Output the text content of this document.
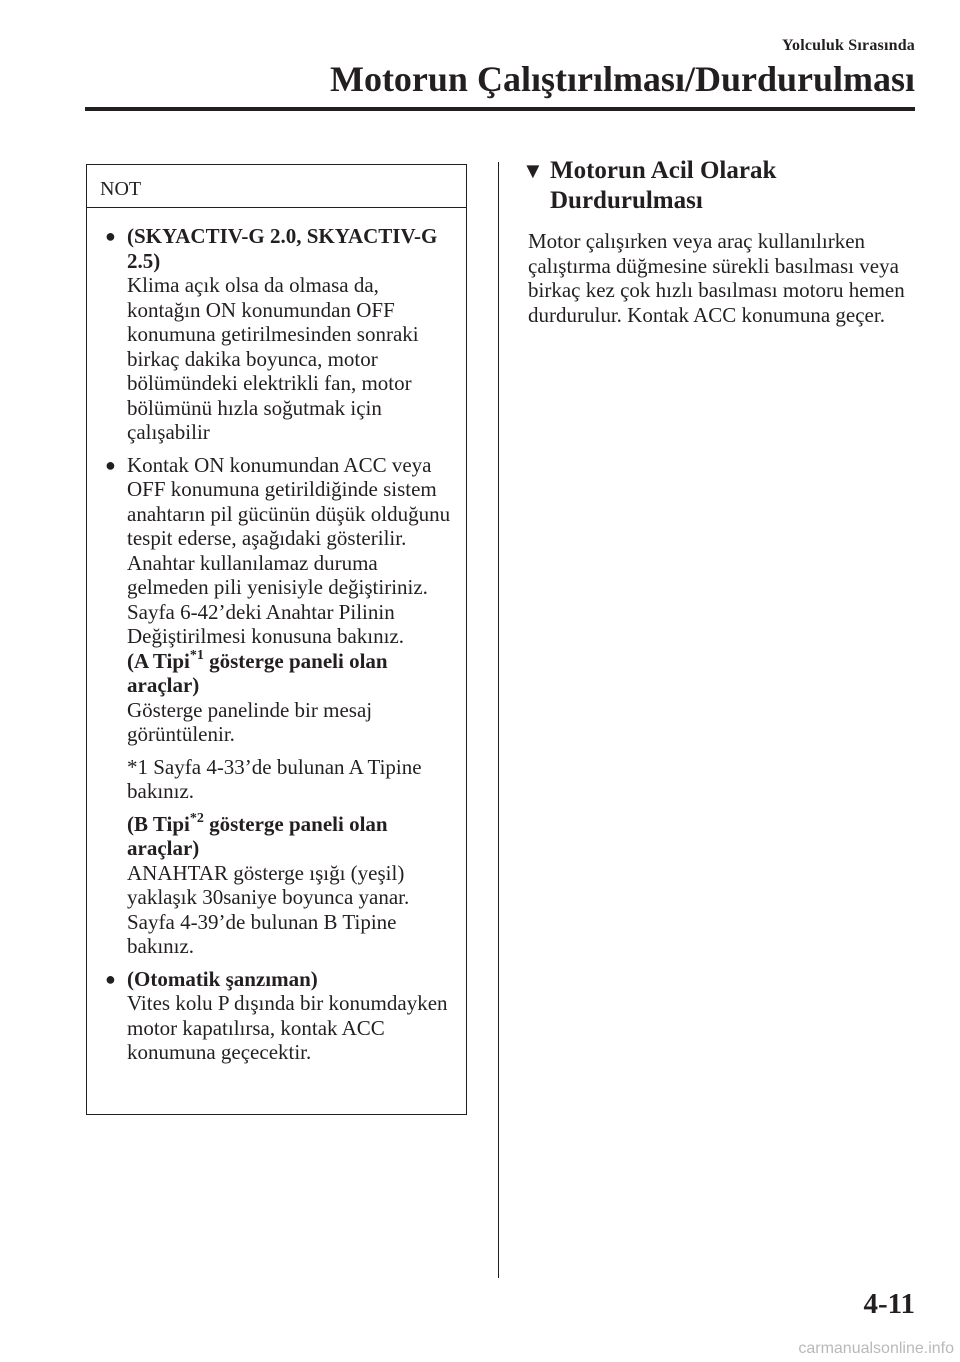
Yolculuk Sırasında
Motorun Çalıştırılması/Durdurulması
NOT
● (SKYACTIV-G 2.0, SKYACTIV-G 2.5)
Klima açık olsa da olmasa da, kontağın ON konumundan OFF konumuna getirilmesinden sonraki birkaç dakika boyunca, motor bölümündeki elektrikli fan, motor bölümünü hızla soğutmak için çalışabilir
● Kontak ON konumundan ACC veya OFF konumuna getirildiğinde sistem anahtarın pil gücünün düşük olduğunu tespit ederse, aşağıdaki gösterilir.
Anahtar kullanılamaz duruma gelmeden pili yenisiyle değiştiriniz. Sayfa 6-42’deki Anahtar Pilinin Değiştirilmesi konusuna bakınız.
(A Tipi$^{*1}$ gösterge paneli olan araçlar)
Gösterge panelinde bir mesaj görüntülenir.
*1 Sayfa 4-33’de bulunan A Tipine bakınız.
(B Tipi$^{*2}$ gösterge paneli olan araçlar)
ANAHTAR gösterge ışığı (yeşil) yaklaşık 30saniye boyunca yanar. Sayfa 4-39’de bulunan B Tipine bakınız.
● (Otomatik şanzıman)
Vites kolu P dışında bir konumdayken motor kapatılırsa, kontak ACC konumuna geçecektir.
▼ Motorun Acil Olarak Durdurulması
Motor çalışırken veya araç kullanılırken çalıştırma düğmesine sürekli basılması veya birkaç kez çok hızlı basılması motoru hemen durdurulur. Kontak ACC konumuna geçer.
4-11
carmanualsonline.info
